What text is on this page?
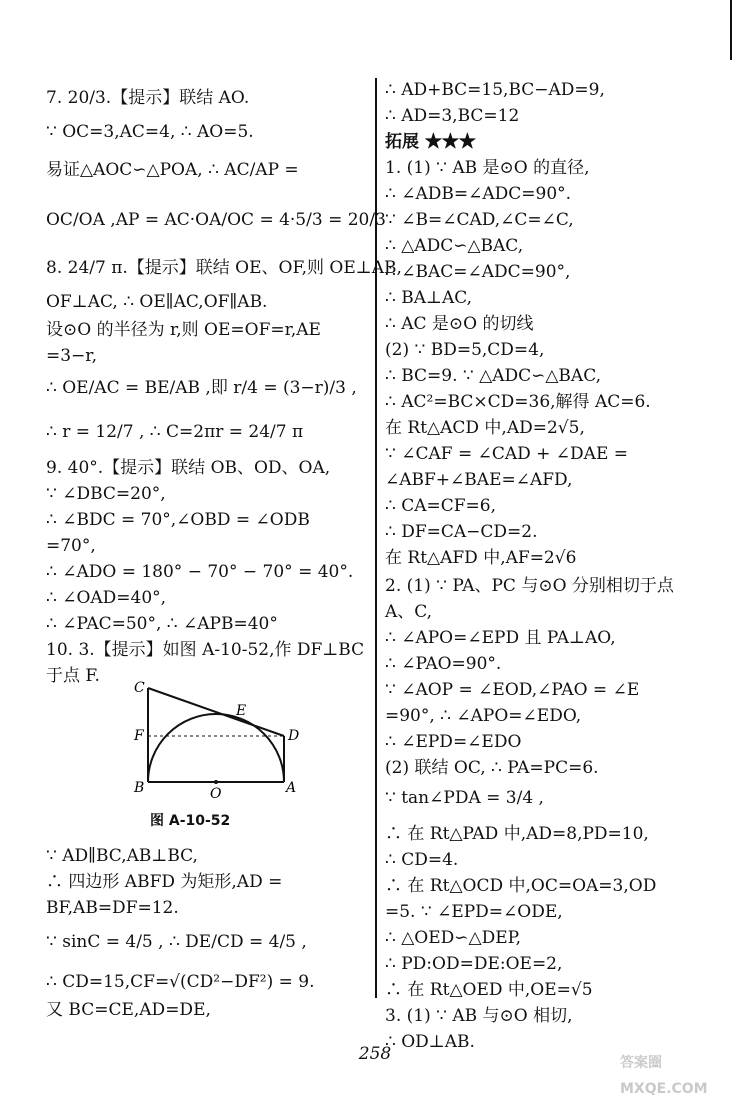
7. 20/3.【提示】联结 AO.
∵ OC=3,AC=4, ∴ AO=5.
易证△AOC∽△POA, ∴ AC/AP =
OC/OA ,AP = AC·OA/OC = 4·5/3 = 20/3
8. 24/7 π.【提示】联结 OE、OF,则 OE⊥AB,
OF⊥AC, ∴ OE∥AC,OF∥AB.
设⊙O 的半径为 r,则 OE=OF=r,AE
=3−r,
∴ OE/AC = BE/AB ,即 r/4 = (3−r)/3 ,
∴ r = 12/7 , ∴ C=2πr = 24/7 π
9. 40°.【提示】联结 OB、OD、OA,
∵ ∠DBC=20°,
∴ ∠BDC = 70°,∠OBD = ∠ODB
=70°,
∴ ∠ADO = 180° − 70° − 70° = 40°.
∴ ∠OAD=40°,
∴ ∠PAC=50°, ∴ ∠APB=40°
10. 3.【提示】如图 A-10-52,作 DF⊥BC
于点 F.
∵ AD∥BC,AB⊥BC,
∴ 四边形 ABFD 为矩形,AD =
BF,AB=DF=12.
∵ sinC = 4/5 , ∴ DE/CD = 4/5 ,
∴ CD=15,CF=√(CD²−DF²) = 9.
又 BC=CE,AD=DE,
C
E
F	D
B	O	A
图 A-10-52
∴ AD+BC=15,BC−AD=9,
∴ AD=3,BC=12
拓展 ★★★
1. (1) ∵ AB 是⊙O 的直径,
∴ ∠ADB=∠ADC=90°.
∵ ∠B=∠CAD,∠C=∠C,
∴ △ADC∽△BAC,
∴ ∠BAC=∠ADC=90°,
∴ BA⊥AC,
∴ AC 是⊙O 的切线
(2) ∵ BD=5,CD=4,
∴ BC=9. ∵ △ADC∽△BAC,
∴ AC²=BC×CD=36,解得 AC=6.
在 Rt△ACD 中,AD=2√5,
∵ ∠CAF = ∠CAD + ∠DAE =
∠ABF+∠BAE=∠AFD,
∴ CA=CF=6,
∴ DF=CA−CD=2.
在 Rt△AFD 中,AF=2√6
2. (1) ∵ PA、PC 与⊙O 分别相切于点
A、C,
∴ ∠APO=∠EPD 且 PA⊥AO,
∴ ∠PAO=90°.
∵ ∠AOP = ∠EOD,∠PAO = ∠E
=90°, ∴ ∠APO=∠EDO,
∴ ∠EPD=∠EDO
(2) 联结 OC, ∴ PA=PC=6.
∵ tan∠PDA = 3/4 ,
∴ 在 Rt△PAD 中,AD=8,PD=10,
∴ CD=4.
∴ 在 Rt△OCD 中,OC=OA=3,OD
=5. ∵ ∠EPD=∠ODE,
∴ △OED∽△DEP,
∴ PD:OD=DE:OE=2,
∴ 在 Rt△OED 中,OE=√5
3. (1) ∵ AB 与⊙O 相切,
∴ OD⊥AB.
258	答案圈 MXQE.COM
